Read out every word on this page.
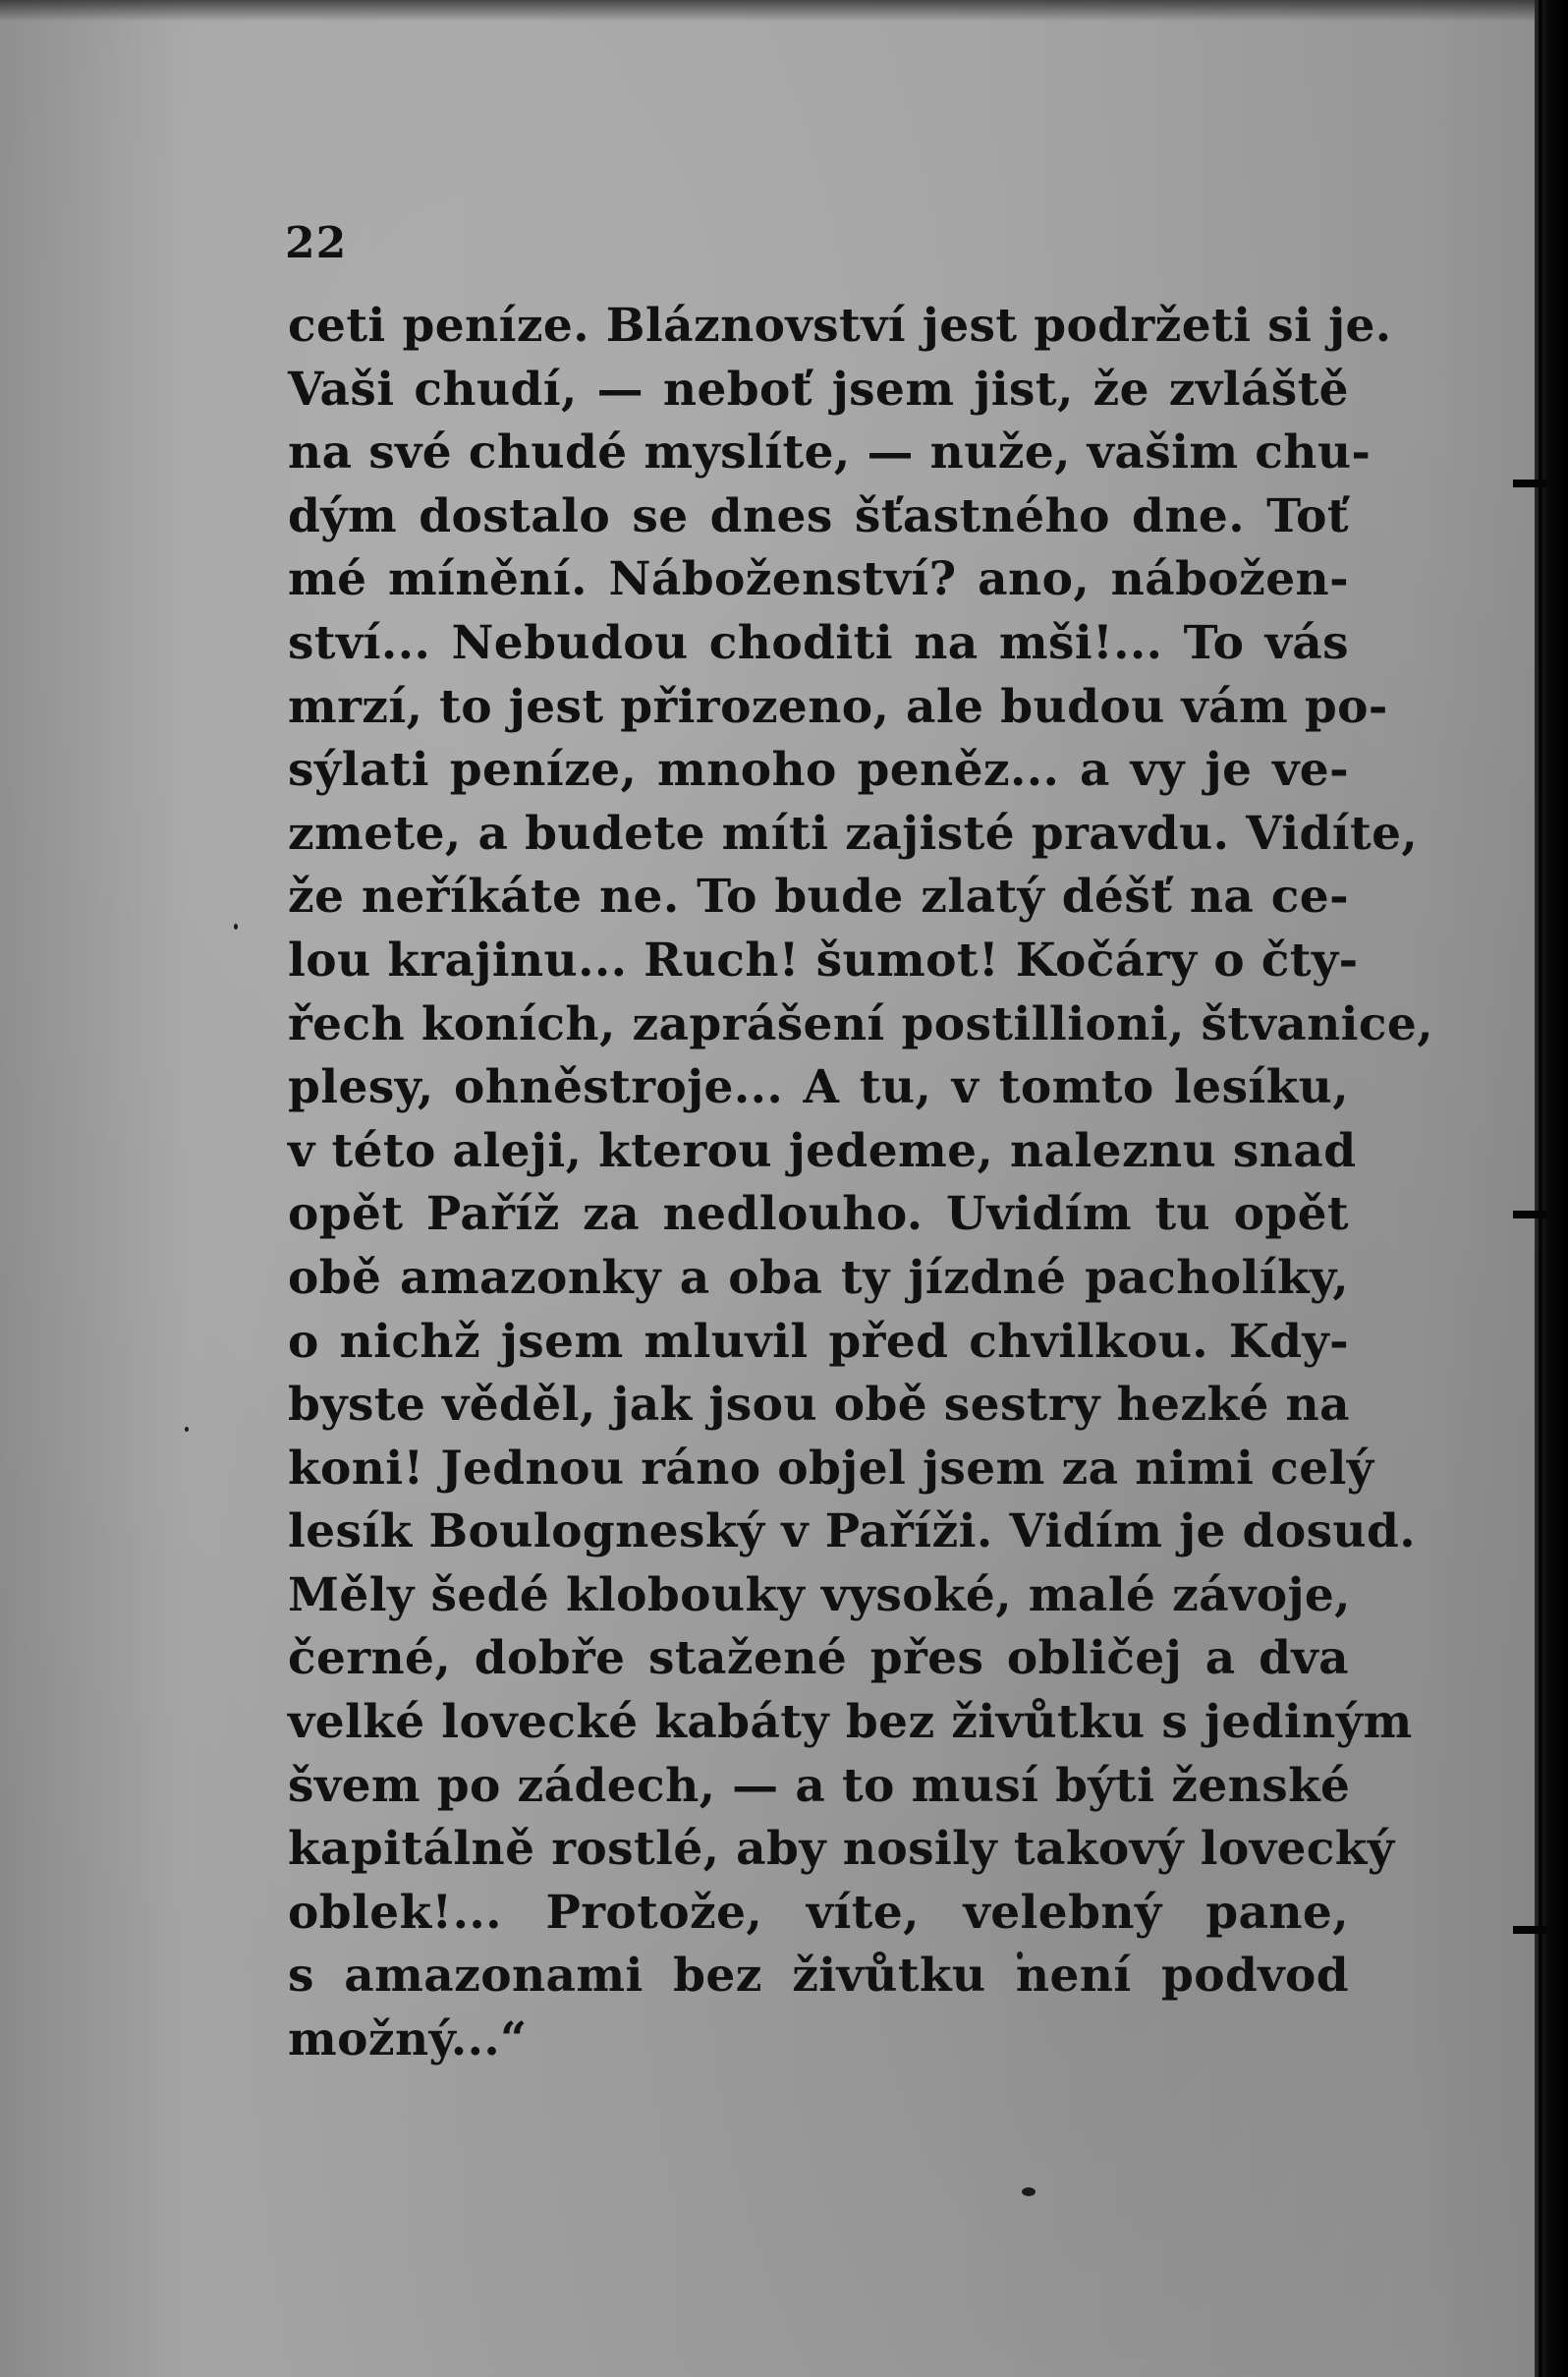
22
ceti peníze. Bláznovství jest podržeti si je.
Vaši chudí, — neboť jsem jist, že zvláště
na své chudé myslíte, — nuže, vašim chu-
dým dostalo se dnes šťastného dne. Toť
mé mínění. Náboženství? ano, nábožen-
ství... Nebudou choditi na mši!... To vás
mrzí, to jest přirozeno, ale budou vám po-
sýlati peníze, mnoho peněz... a vy je ve-
zmete, a budete míti zajisté pravdu. Vidíte,
že neříkáte ne. To bude zlatý déšť na ce-
lou krajinu... Ruch! šumot! Kočáry o čty-
řech koních, zaprášení postillioni, štvanice,
plesy, ohněstroje... A tu, v tomto lesíku,
v této aleji, kterou jedeme, naleznu snad
opět Paříž za nedlouho. Uvidím tu opět
obě amazonky a oba ty jízdné pacholíky,
o nichž jsem mluvil před chvilkou. Kdy-
byste věděl, jak jsou obě sestry hezké na
koni! Jednou ráno objel jsem za nimi celý
lesík Boulogneský v Paříži. Vidím je dosud.
Měly šedé klobouky vysoké, malé závoje,
černé, dobře stažené přes obličej a dva
velké lovecké kabáty bez živůtku s jediným
švem po zádech, — a to musí býti ženské
kapitálně rostlé, aby nosily takový lovecký
oblek!... Protože, víte, velebný pane,
s amazonami bez živůtku není podvod
možný...“
